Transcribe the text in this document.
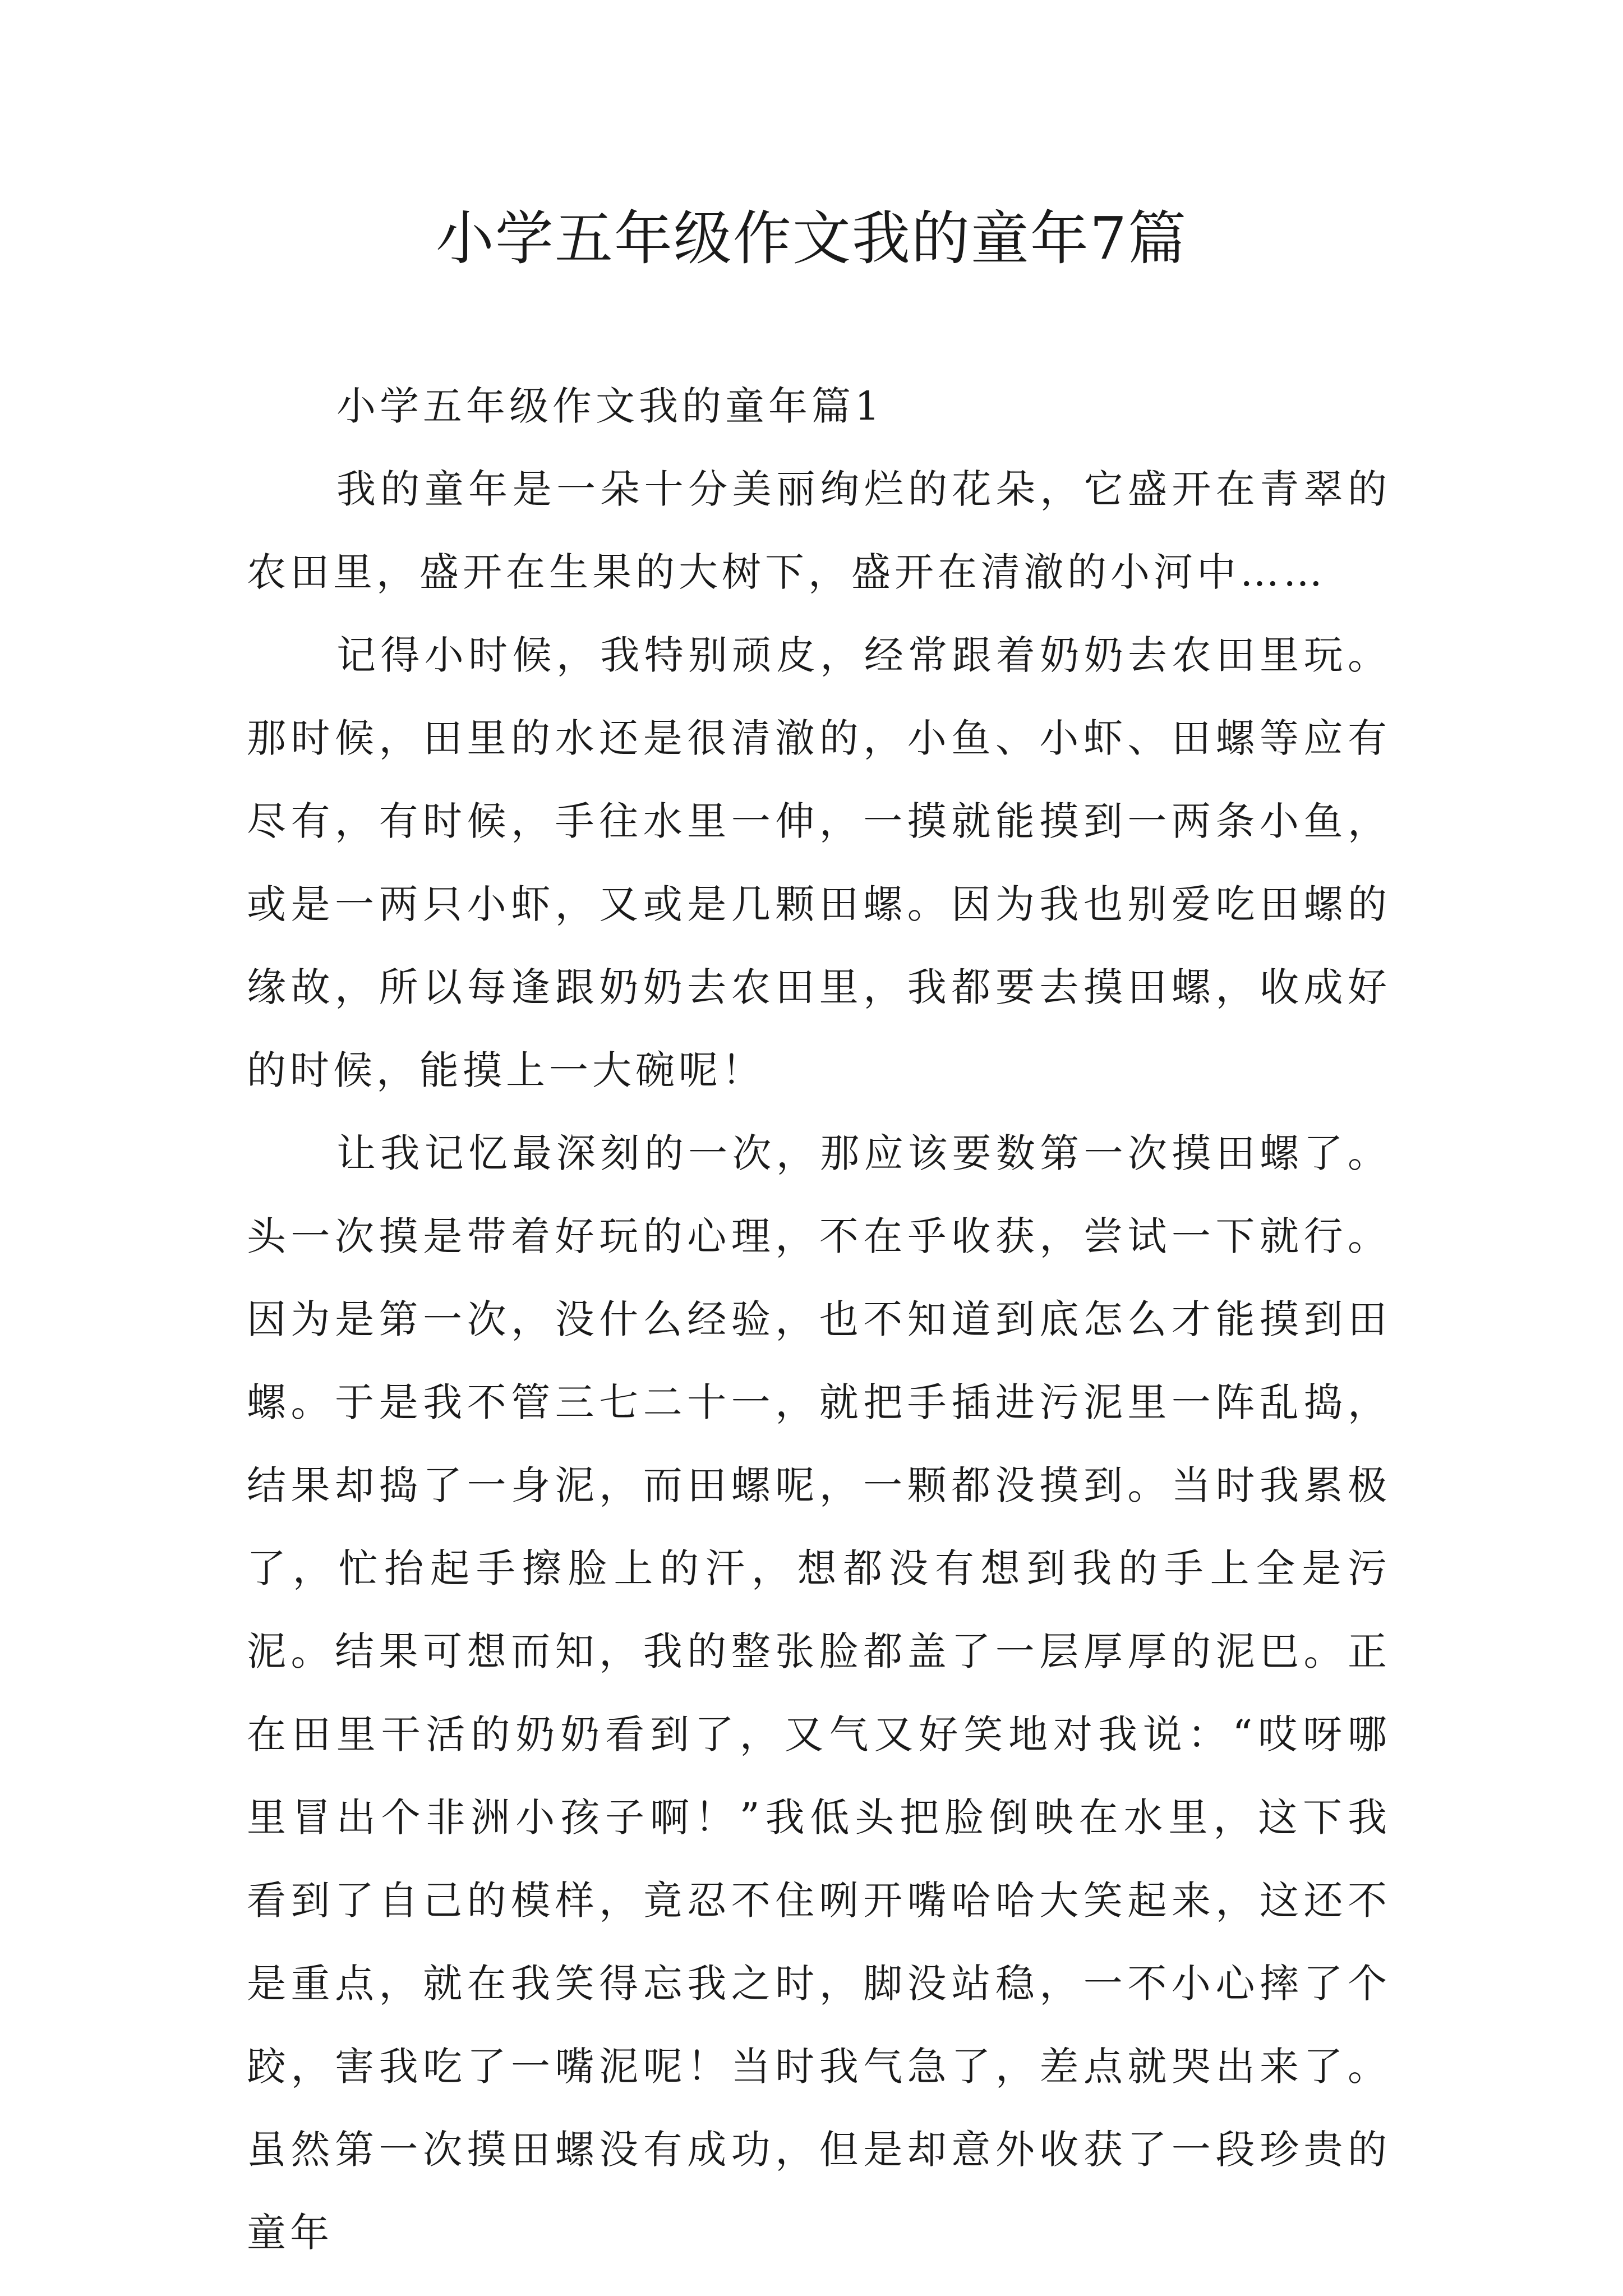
小学五年级作文我的童年7篇

小学五年级作文我的童年篇1

我的童年是一朵十分美丽绚烂的花朵，它盛开在青翠的农田里，盛开在生果的大树下，盛开在清澈的小河中……

记得小时候，我特别顽皮，经常跟着奶奶去农田里玩。那时候，田里的水还是很清澈的，小鱼、小虾、田螺等应有尽有，有时候，手往水里一伸，一摸就能摸到一两条小鱼，或是一两只小虾，又或是几颗田螺。因为我也别爱吃田螺的缘故，所以每逢跟奶奶去农田里，我都要去摸田螺，收成好的时候，能摸上一大碗呢！

让我记忆最深刻的一次，那应该要数第一次摸田螺了。头一次摸是带着好玩的心理，不在乎收获，尝试一下就行。因为是第一次，没什么经验，也不知道到底怎么才能摸到田螺。于是我不管三七二十一，就把手插进污泥里一阵乱捣，结果却捣了一身泥，而田螺呢，一颗都没摸到。当时我累极了，忙抬起手擦脸上的汗，想都没有想到我的手上全是污泥。结果可想而知，我的整张脸都盖了一层厚厚的泥巴。正在田里干活的奶奶看到了，又气又好笑地对我说：“哎呀哪里冒出个非洲小孩子啊！”我低头把脸倒映在水里，这下我看到了自己的模样，竟忍不住咧开嘴哈哈大笑起来，这还不是重点，就在我笑得忘我之时，脚没站稳，一不小心摔了个跤，害我吃了一嘴泥呢！当时我气急了，差点就哭出来了。虽然第一次摸田螺没有成功，但是却意外收获了一段珍贵的童年
